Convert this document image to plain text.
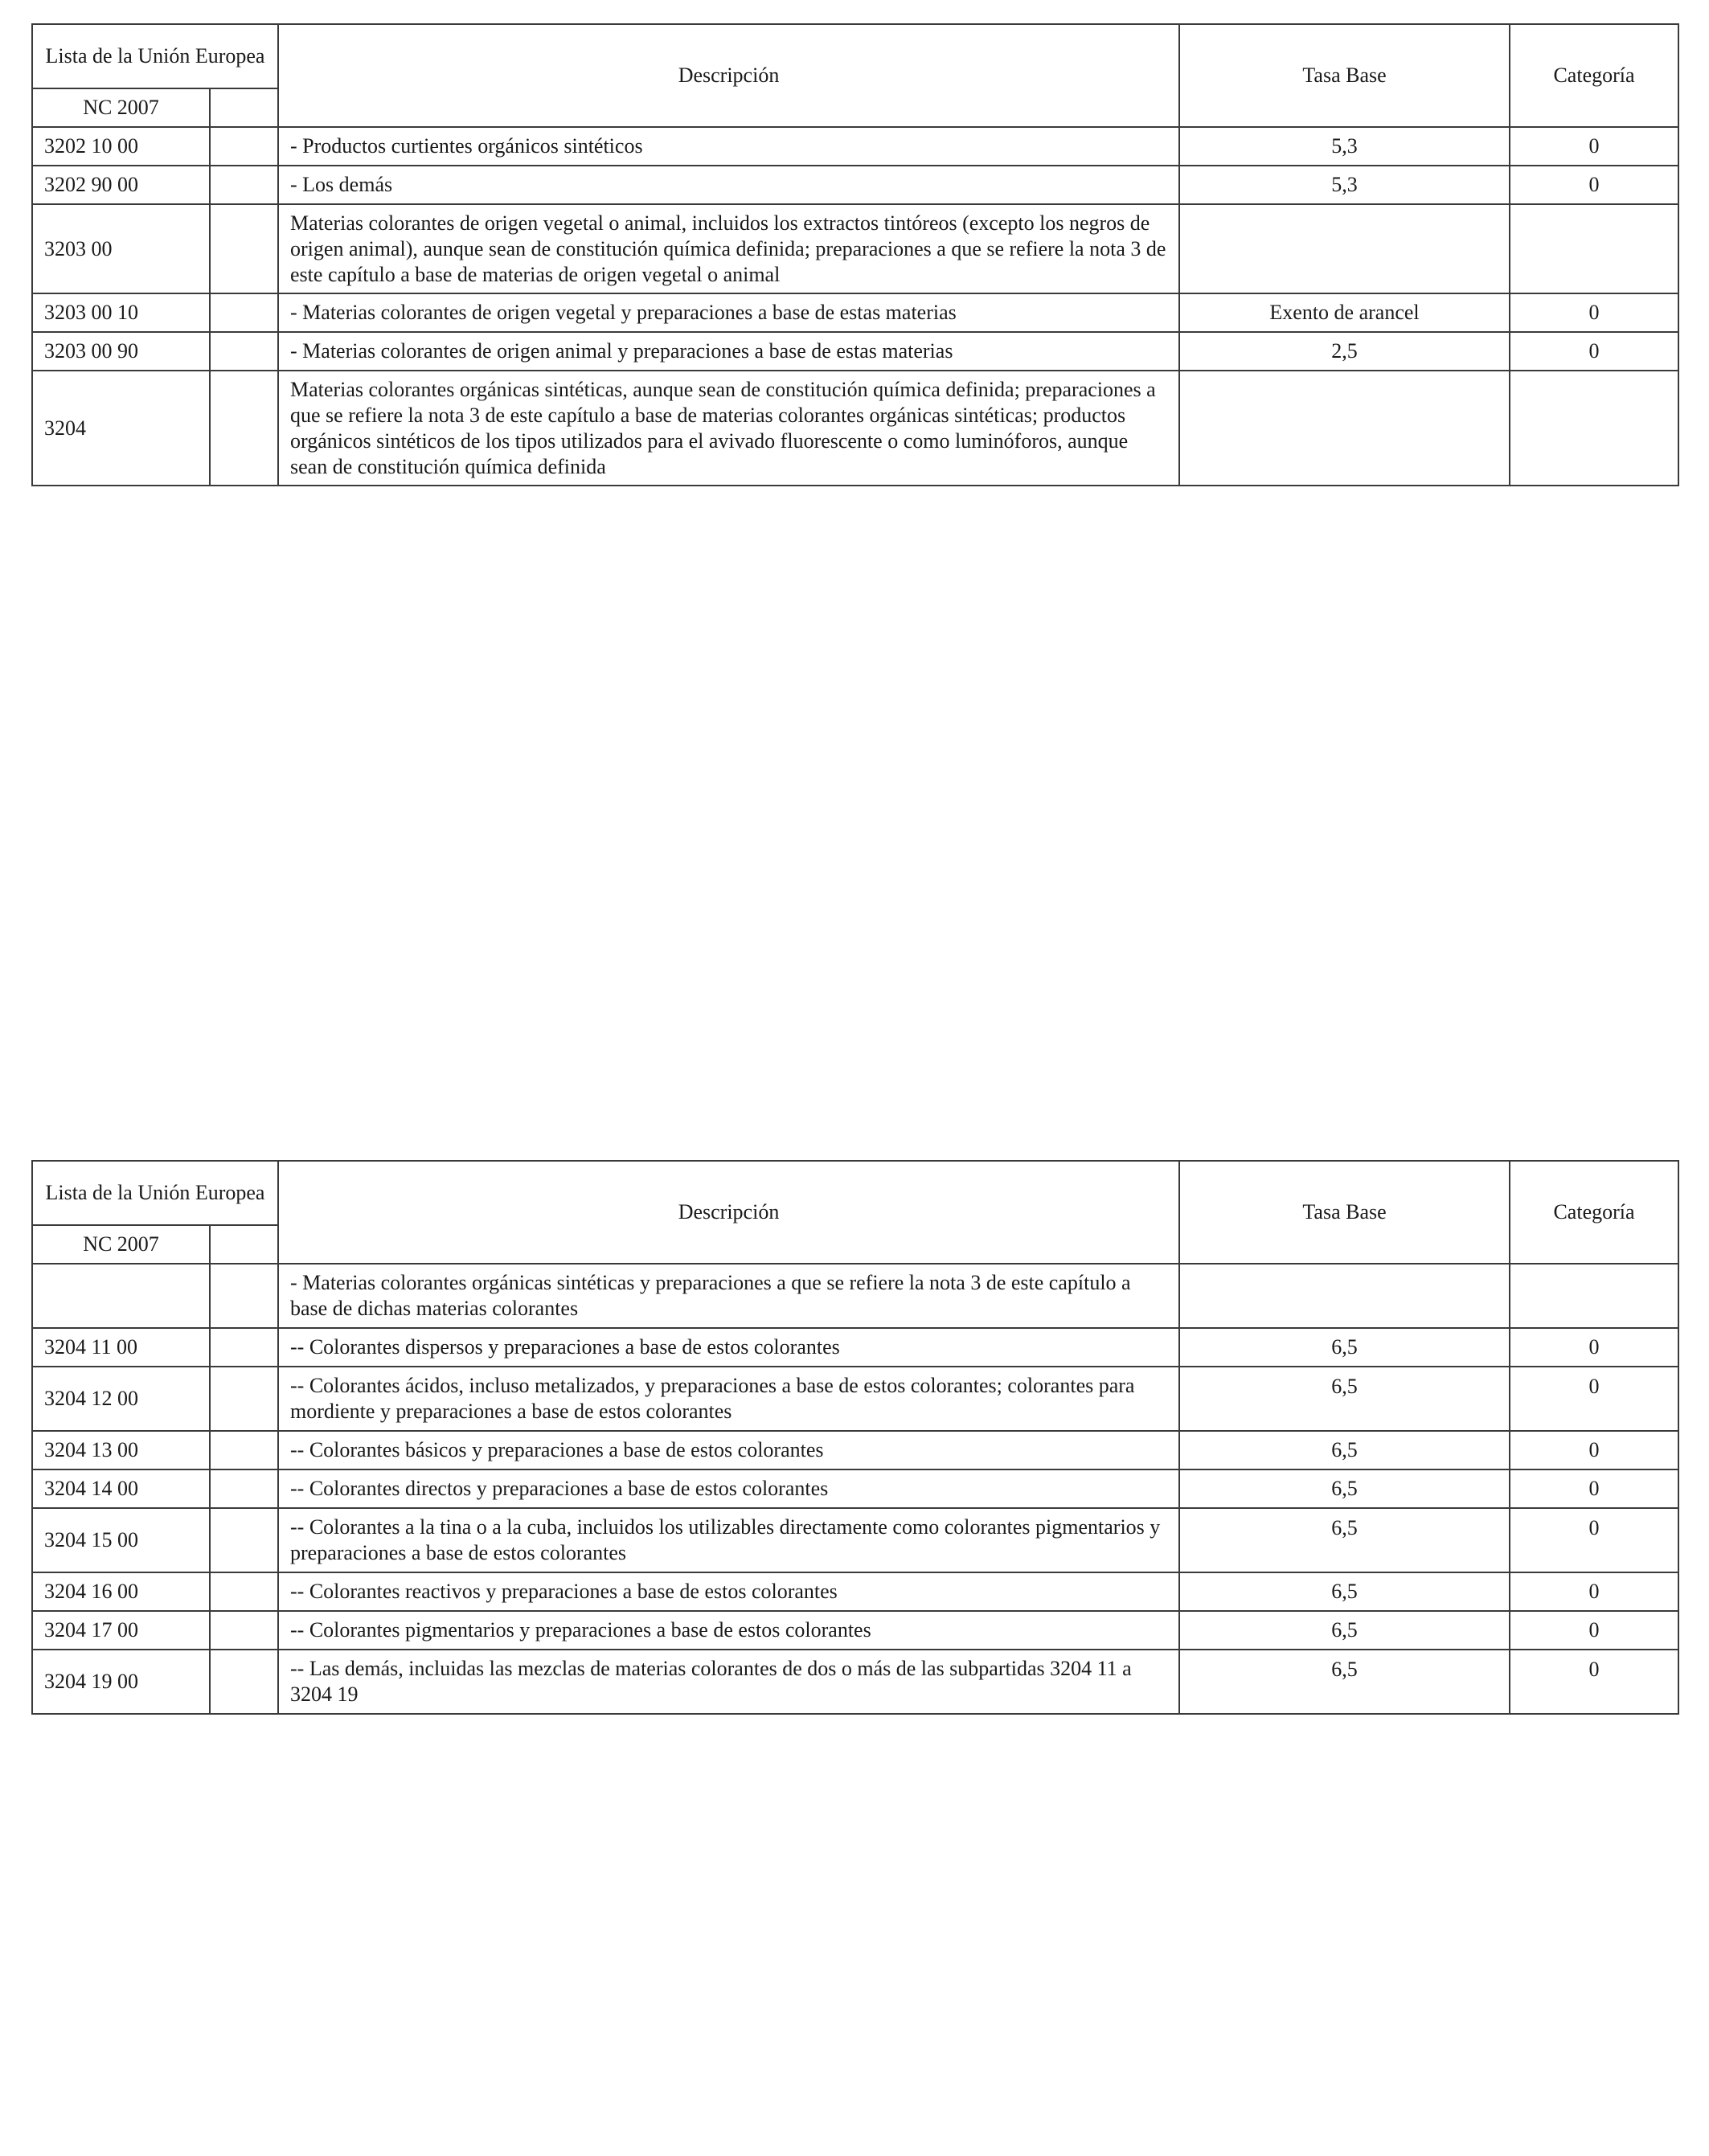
Lista de la Unión Europea		Descripción	Tasa Base	Categoría
NC 2007				
3202 10 00		- Productos curtientes orgánicos sintéticos	5,3	0
3202 90 00		- Los demás	5,3	0
3203 00		Materias colorantes de origen vegetal o animal, incluidos los extractos tintóreos (excepto los negros de origen animal), aunque sean de constitución química definida; preparaciones a que se refiere la nota 3 de este capítulo a base de materias de origen vegetal o animal		
3203 00 10		- Materias colorantes de origen vegetal y preparaciones a base de estas materias	Exento de arancel	0
3203 00 90		- Materias colorantes de origen animal y preparaciones a base de estas materias	2,5	0
3204		Materias colorantes orgánicas sintéticas, aunque sean de constitución química definida; preparaciones a que se refiere la nota 3 de este capítulo a base de materias colorantes orgánicas sintéticas; productos orgánicos sintéticos de los tipos utilizados para el avivado fluorescente o como luminóforos, aunque sean de constitución química definida		
Lista de la Unión Europea		Descripción	Tasa Base	Categoría
NC 2007				
		- Materias colorantes orgánicas sintéticas y preparaciones a que se refiere la nota 3 de este capítulo a base de dichas materias colorantes		
3204 11 00		-- Colorantes dispersos y preparaciones a base de estos colorantes	6,5	0
3204 12 00		-- Colorantes ácidos, incluso metalizados, y preparaciones a base de estos colorantes; colorantes para mordiente y preparaciones a base de estos colorantes	6,5	0
3204 13 00		-- Colorantes básicos y preparaciones a base de estos colorantes	6,5	0
3204 14 00		-- Colorantes directos y preparaciones a base de estos colorantes	6,5	0
3204 15 00		-- Colorantes a la tina o a la cuba, incluidos los utilizables directamente como colorantes pigmentarios y preparaciones a base de estos colorantes	6,5	0
3204 16 00		-- Colorantes reactivos y preparaciones a base de estos colorantes	6,5	0
3204 17 00		-- Colorantes pigmentarios y preparaciones a base de estos colorantes	6,5	0
3204 19 00		-- Las demás, incluidas las mezclas de materias colorantes de dos o más de las subpartidas 3204 11 a 3204 19	6,5	0
